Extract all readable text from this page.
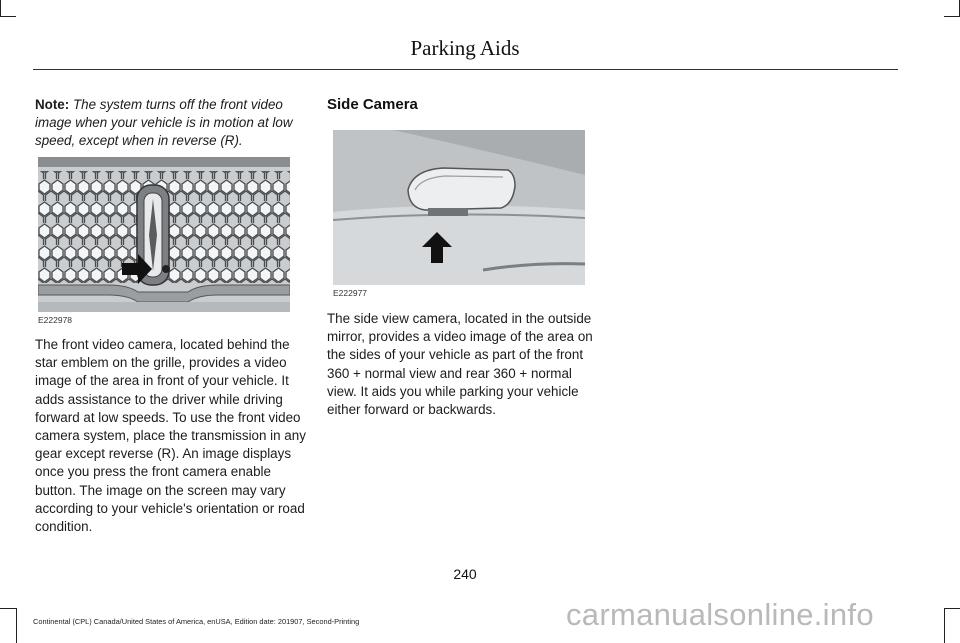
Parking Aids
Note: The system turns off the front video image when your vehicle is in motion at low speed, except when in reverse (R).
E222978
The front video camera, located behind the star emblem on the grille, provides a video image of the area in front of your vehicle. It adds assistance to the driver while driving forward at low speeds. To use the front video camera system, place the transmission in any gear except reverse (R). An image displays once you press the front camera enable button. The image on the screen may vary according to your vehicle's orientation or road condition.
Side Camera
E222977
The side view camera, located in the outside mirror, provides a video image of the area on the sides of your vehicle as part of the front 360 + normal view and rear 360 + normal view. It aids you while parking your vehicle either forward or backwards.
240
Continental (CPL) Canada/United States of America, enUSA, Edition date: 201907, Second-Printing	carmanualsonline.info
